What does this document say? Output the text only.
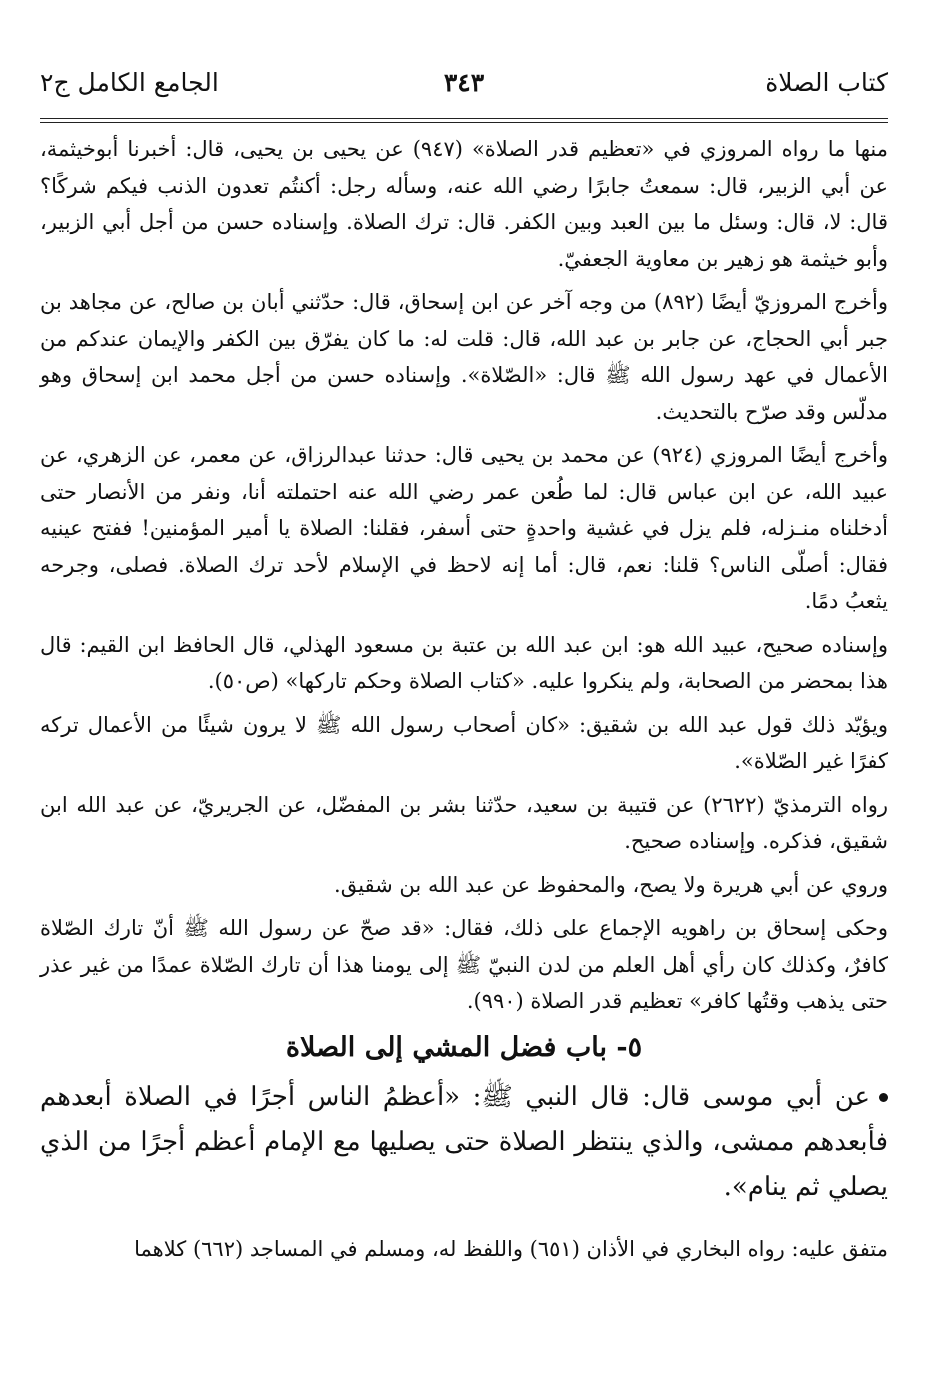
كتاب الصلاة
٣٤٣
الجامع الكامل ج٢

منها ما رواه المروزي في «تعظيم قدر الصلاة» (٩٤٧) عن يحيى بن يحيى، قال: أخبرنا أبوخيثمة، عن أبي الزبير، قال: سمعتُ جابرًا رضي الله عنه، وسأله رجل: أكنتُم تعدون الذنب فيكم شركًا؟ قال: لا، قال: وسئل ما بين العبد وبين الكفر. قال: ترك الصلاة. وإسناده حسن من أجل أبي الزبير، وأبو خيثمة هو زهير بن معاوية الجعفيّ.

وأخرج المروزيّ أيضًا (٨٩٢) من وجه آخر عن ابن إسحاق، قال: حدّثني أبان بن صالح، عن مجاهد بن جبر أبي الحجاج، عن جابر بن عبد الله، قال: قلت له: ما كان يفرّق بين الكفر والإيمان عندكم من الأعمال في عهد رسول الله ﷺ قال: «الصّلاة». وإسناده حسن من أجل محمد ابن إسحاق وهو مدلّس وقد صرّح بالتحديث.

وأخرج أيضًا المروزي (٩٢٤) عن محمد بن يحيى قال: حدثنا عبدالرزاق، عن معمر، عن الزهري، عن عبيد الله، عن ابن عباس قال: لما طُعن عمر رضي الله عنه احتملته أنا، ونفر من الأنصار حتى أدخلناه منـزله، فلم يزل في غشية واحدةٍ حتى أسفر، فقلنا: الصلاة يا أمير المؤمنين! ففتح عينيه فقال: أصلّى الناس؟ قلنا: نعم، قال: أما إنه لاحظ في الإسلام لأحد ترك الصلاة. فصلى، وجرحه يثعبُ دمًا.

وإسناده صحيح، عبيد الله هو: ابن عبد الله بن عتبة بن مسعود الهذلي، قال الحافظ ابن القيم: قال هذا بمحضر من الصحابة، ولم ينكروا عليه. «كتاب الصلاة وحكم تاركها» (ص٥٠).

ويؤيّد ذلك قول عبد الله بن شقيق: «كان أصحاب رسول الله ﷺ لا يرون شيئًا من الأعمال تركه كفرًا غير الصّلاة».

رواه الترمذيّ (٢٦٢٢) عن قتيبة بن سعيد، حدّثنا بشر بن المفضّل، عن الجريريّ، عن عبد الله ابن شقيق، فذكره. وإسناده صحيح.

وروي عن أبي هريرة ولا يصح، والمحفوظ عن عبد الله بن شقيق.

وحكى إسحاق بن راهويه الإجماع على ذلك، فقال: «قد صحّ عن رسول الله ﷺ أنّ تارك الصّلاة كافرٌ، وكذلك كان رأي أهل العلم من لدن النبيّ ﷺ إلى يومنا هذا أن تارك الصّلاة عمدًا من غير عذر حتى يذهب وقتُها كافر» تعظيم قدر الصلاة (٩٩٠).

٥- باب فضل المشي إلى الصلاة

عن أبي موسى قال: قال النبي ﷺ: «أعظمُ الناس أجرًا في الصلاة أبعدهم فأبعدهم ممشى، والذي ينتظر الصلاة حتى يصليها مع الإمام أعظم أجرًا من الذي يصلي ثم ينام».

متفق عليه: رواه البخاري في الأذان (٦٥١) واللفظ له، ومسلم في المساجد (٦٦٢) كلاهما
